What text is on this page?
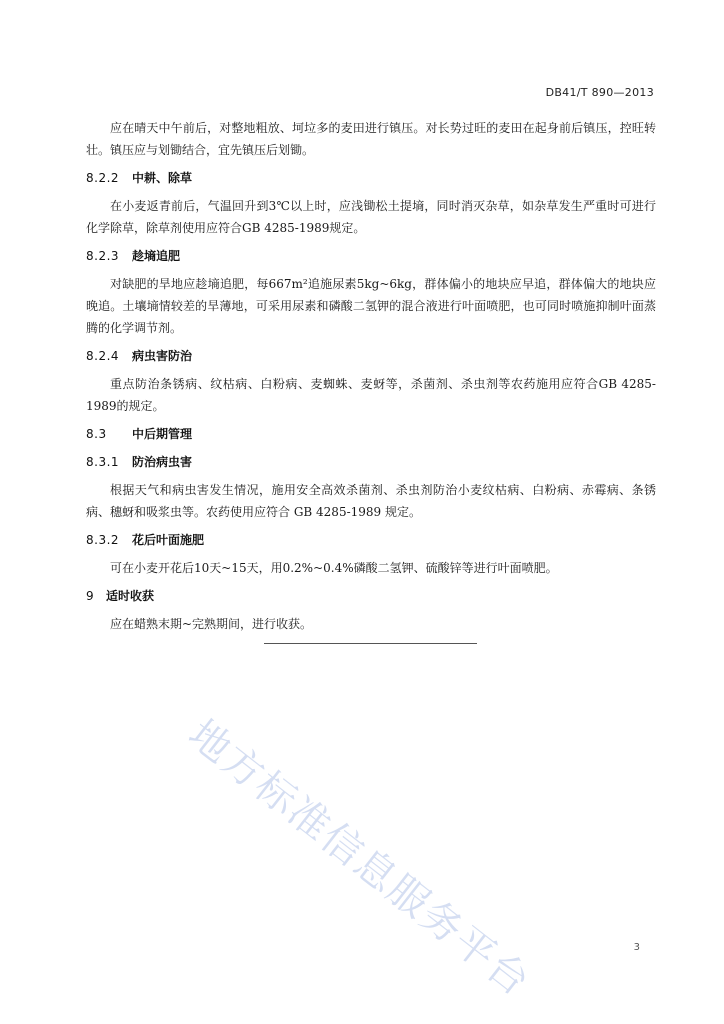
DB41/T 890—2013

应在晴天中午前后，对整地粗放、坷垃多的麦田进行镇压。对长势过旺的麦田在起身前后镇压，控旺转壮。镇压应与划锄结合，宜先镇压后划锄。

8.2.2 中耕、除草

在小麦返青前后，气温回升到3℃以上时，应浅锄松土提墒，同时消灭杂草，如杂草发生严重时可进行化学除草，除草剂使用应符合GB 4285-1989规定。

8.2.3 趁墒追肥

对缺肥的旱地应趁墒追肥，每667m²追施尿素5kg~6kg，群体偏小的地块应早追，群体偏大的地块应晚追。土壤墒情较差的旱薄地，可采用尿素和磷酸二氢钾的混合液进行叶面喷肥，也可同时喷施抑制叶面蒸腾的化学调节剂。

8.2.4 病虫害防治

重点防治条锈病、纹枯病、白粉病、麦蜘蛛、麦蚜等，杀菌剂、杀虫剂等农药施用应符合GB 4285-1989的规定。

8.3 中后期管理

8.3.1 防治病虫害

根据天气和病虫害发生情况，施用安全高效杀菌剂、杀虫剂防治小麦纹枯病、白粉病、赤霉病、条锈病、穗蚜和吸浆虫等。农药使用应符合 GB 4285-1989 规定。

8.3.2 花后叶面施肥

可在小麦开花后10天~15天，用0.2%~0.4%磷酸二氢钾、硫酸锌等进行叶面喷肥。

9 适时收获

应在蜡熟末期~完熟期间，进行收获。

地方标准信息服务平台	3
